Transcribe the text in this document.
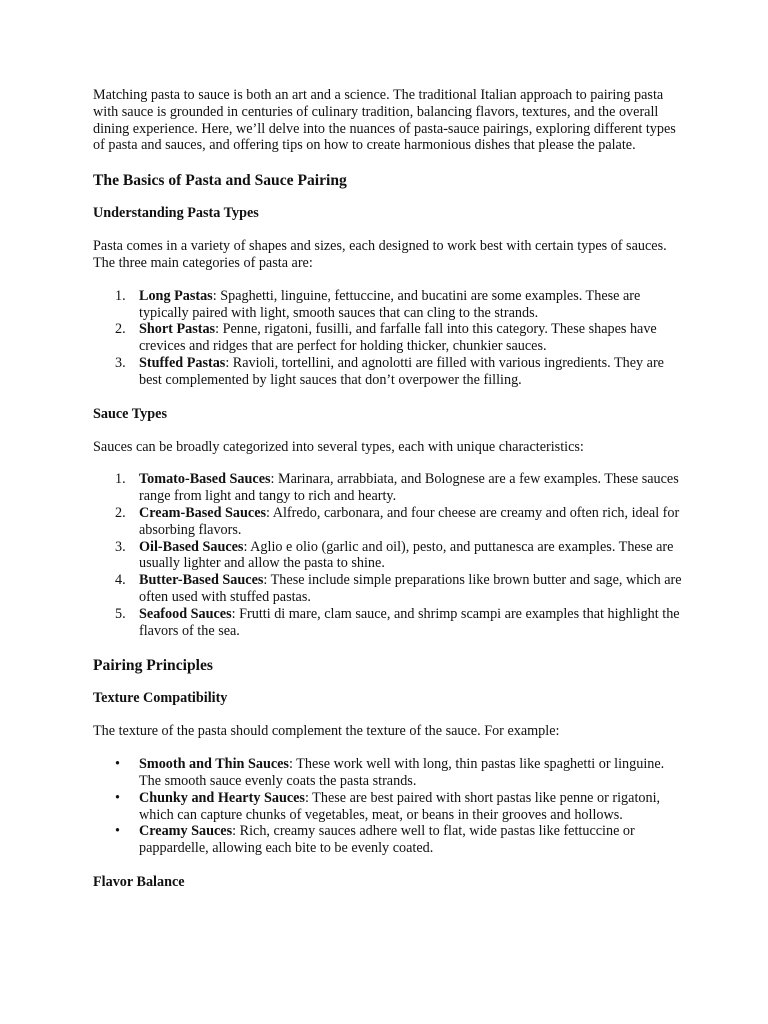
Matching pasta to sauce is both an art and a science. The traditional Italian approach to pairing pasta with sauce is grounded in centuries of culinary tradition, balancing flavors, textures, and the overall dining experience. Here, we’ll delve into the nuances of pasta-sauce pairings, exploring different types of pasta and sauces, and offering tips on how to create harmonious dishes that please the palate.

The Basics of Pasta and Sauce Pairing
Understanding Pasta Types

Pasta comes in a variety of shapes and sizes, each designed to work best with certain types of sauces. The three main categories of pasta are:

1. Long Pastas: Spaghetti, linguine, fettuccine, and bucatini are some examples. These are typically paired with light, smooth sauces that can cling to the strands.
2. Short Pastas: Penne, rigatoni, fusilli, and farfalle fall into this category. These shapes have crevices and ridges that are perfect for holding thicker, chunkier sauces.
3. Stuffed Pastas: Ravioli, tortellini, and agnolotti are filled with various ingredients. They are best complemented by light sauces that don’t overpower the filling.
Sauce Types

Sauces can be broadly categorized into several types, each with unique characteristics:

1. Tomato-Based Sauces: Marinara, arrabbiata, and Bolognese are a few examples. These sauces range from light and tangy to rich and hearty.
2. Cream-Based Sauces: Alfredo, carbonara, and four cheese are creamy and often rich, ideal for absorbing flavors.
3. Oil-Based Sauces: Aglio e olio (garlic and oil), pesto, and puttanesca are examples. These are usually lighter and allow the pasta to shine.
4. Butter-Based Sauces: These include simple preparations like brown butter and sage, which are often used with stuffed pastas.
5. Seafood Sauces: Frutti di mare, clam sauce, and shrimp scampi are examples that highlight the flavors of the sea.
Pairing Principles
Texture Compatibility

The texture of the pasta should complement the texture of the sauce. For example:

• Smooth and Thin Sauces: These work well with long, thin pastas like spaghetti or linguine. The smooth sauce evenly coats the pasta strands.
• Chunky and Hearty Sauces: These are best paired with short pastas like penne or rigatoni, which can capture chunks of vegetables, meat, or beans in their grooves and hollows.
• Creamy Sauces: Rich, creamy sauces adhere well to flat, wide pastas like fettuccine or pappardelle, allowing each bite to be evenly coated.
Flavor Balance
